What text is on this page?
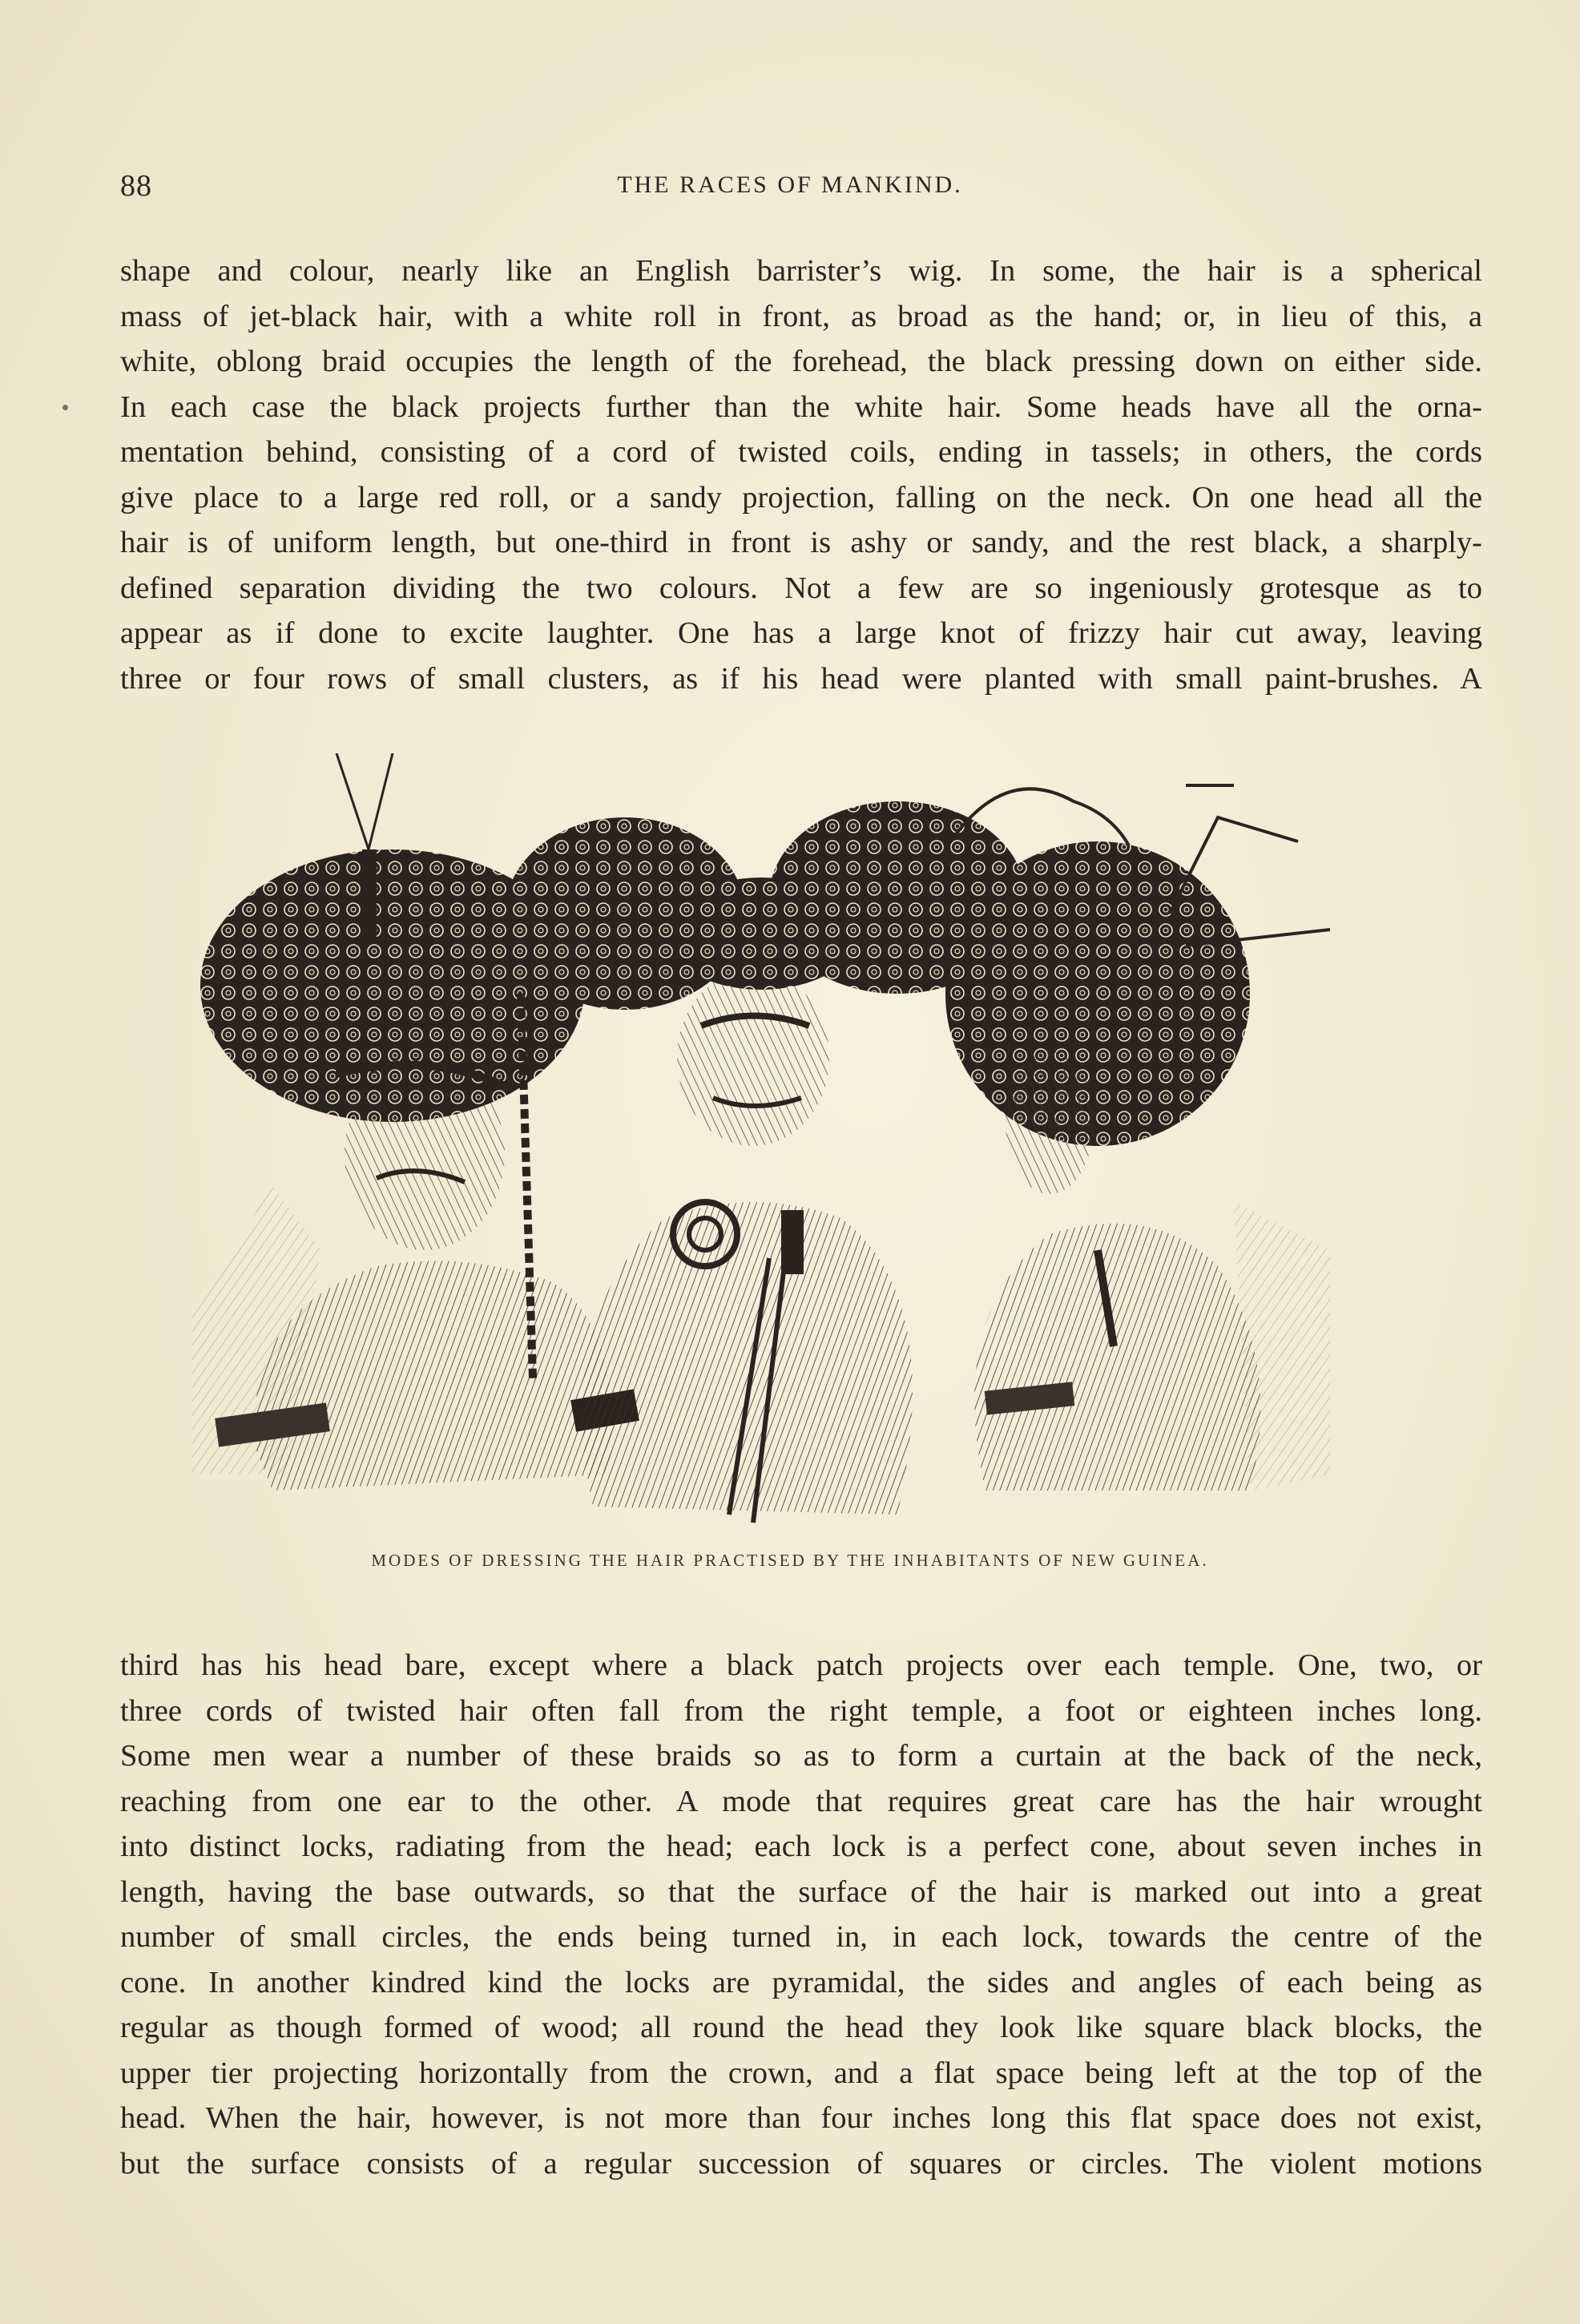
88	THE RACES OF MANKIND.
shape and colour, nearly like an English barrister’s wig. In some, the hair is a spherical
mass of jet-black hair, with a white roll in front, as broad as the hand; or, in lieu of this, a
white, oblong braid occupies the length of the forehead, the black pressing down on either side.
In each case the black projects further than the white hair. Some heads have all the orna-
mentation behind, consisting of a cord of twisted coils, ending in tassels; in others, the cords
give place to a large red roll, or a sandy projection, falling on the neck. On one head all the
hair is of uniform length, but one-third in front is ashy or sandy, and the rest black, a sharply-
defined separation dividing the two colours. Not a few are so ingeniously grotesque as to
appear as if done to excite laughter. One has a large knot of frizzy hair cut away, leaving
three or four rows of small clusters, as if his head were planted with small paint-brushes. A
MODES OF DRESSING THE HAIR PRACTISED BY THE INHABITANTS OF NEW GUINEA.
third has his head bare, except where a black patch projects over each temple. One, two, or
three cords of twisted hair often fall from the right temple, a foot or eighteen inches long.
Some men wear a number of these braids so as to form a curtain at the back of the neck,
reaching from one ear to the other. A mode that requires great care has the hair wrought
into distinct locks, radiating from the head; each lock is a perfect cone, about seven inches in
length, having the base outwards, so that the surface of the hair is marked out into a great
number of small circles, the ends being turned in, in each lock, towards the centre of the
cone. In another kindred kind the locks are pyramidal, the sides and angles of each being as
regular as though formed of wood; all round the head they look like square black blocks, the
upper tier projecting horizontally from the crown, and a flat space being left at the top of the
head. When the hair, however, is not more than four inches long this flat space does not exist,
but the surface consists of a regular succession of squares or circles. The violent motions
